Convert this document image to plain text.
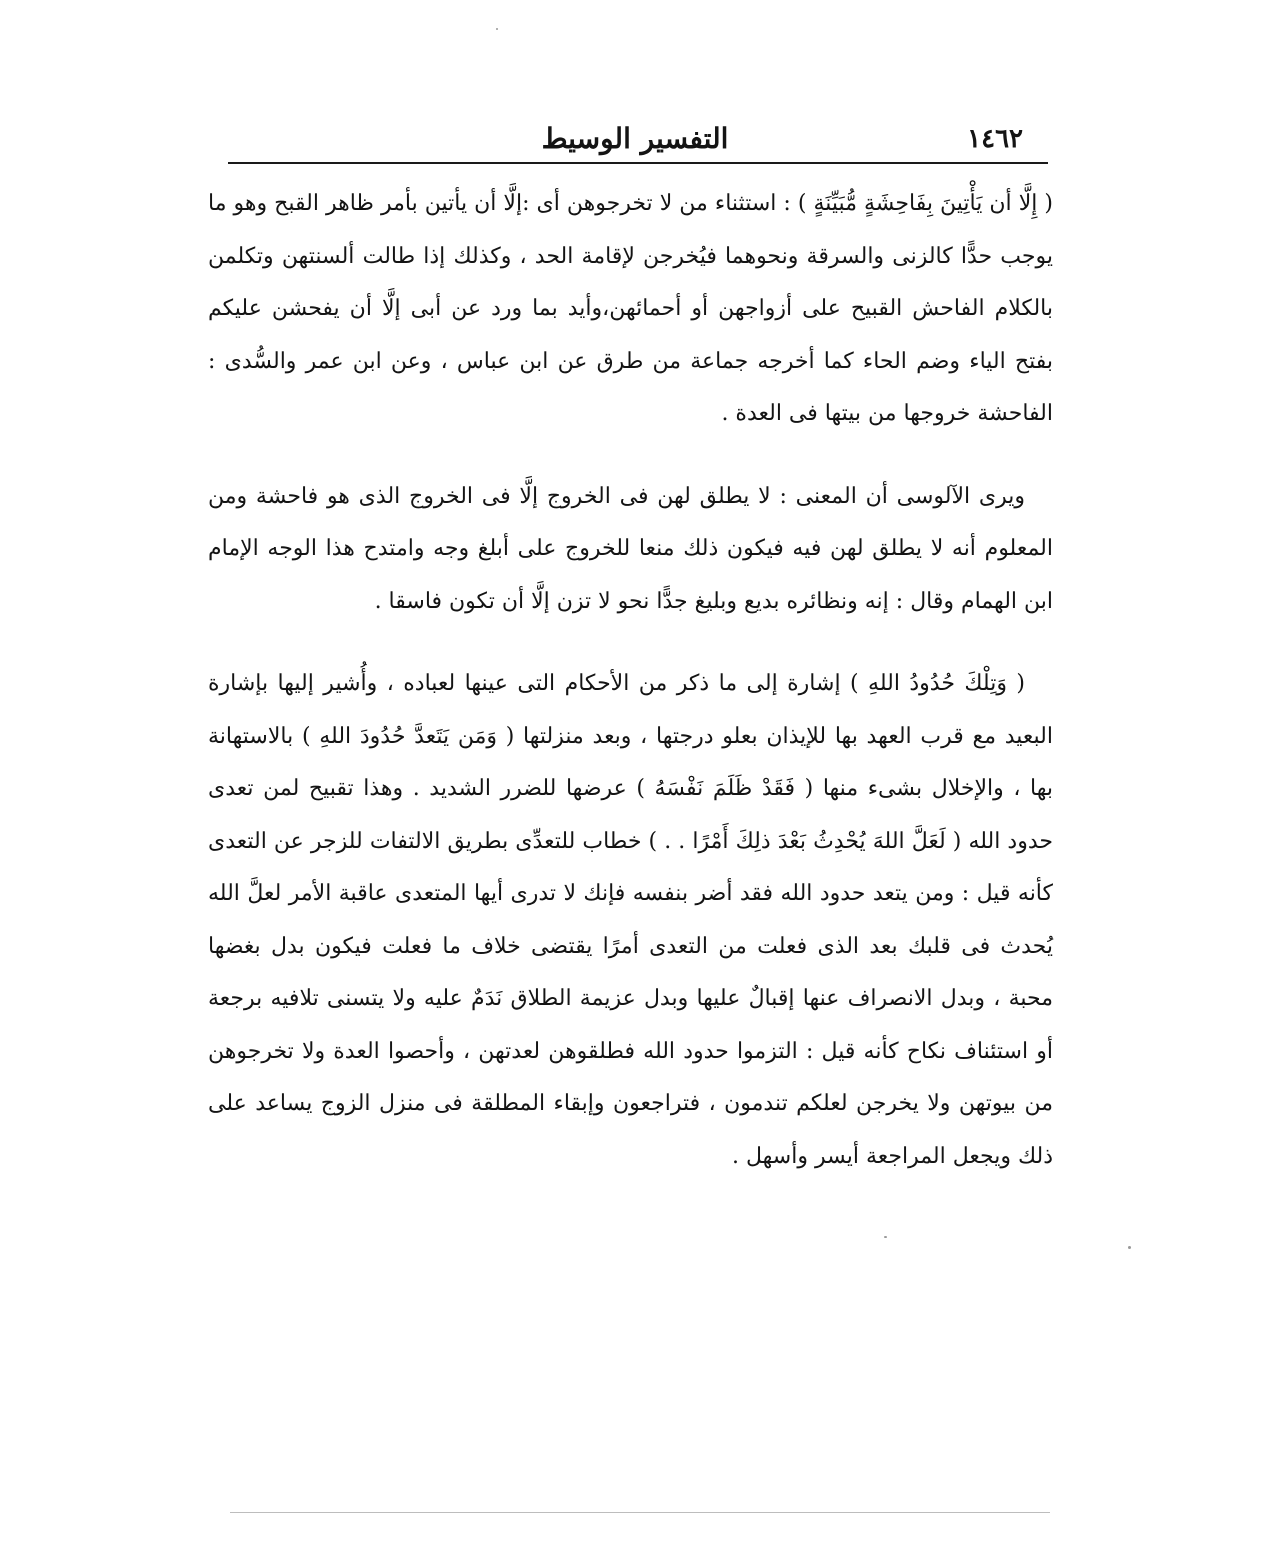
١٤٦٢
التفسير الوسيط

( إِلَّا أن يَأْتِينَ بِفَاحِشَةٍ مُّبَيِّنَةٍ ) : استثناء من لا تخرجوهن أى :إلَّا أن يأتين بأمر ظاهر القبح وهو ما يوجب حدًّا كالزنى والسرقة ونحوهما فيُخرجن لإقامة الحد ، وكذلك إذا طالت ألسنتهن وتكلمن بالكلام الفاحش القبيح على أزواجهن أو أحمائهن،وأيد بما ورد عن أبى إلَّا أن يفحشن عليكم بفتح الياء وضم الحاء كما أخرجه جماعة من طرق عن ابن عباس ، وعن ابن عمر والسُّدى : الفاحشة خروجها من بيتها فى العدة .

ويرى الآلوسى أن المعنى : لا يطلق لهن فى الخروج إلَّا فى الخروج الذى هو فاحشة ومن المعلوم أنه لا يطلق لهن فيه فيكون ذلك منعا للخروج على أبلغ وجه وامتدح هذا الوجه الإمام ابن الهمام وقال : إنه ونظائره بديع وبليغ جدًّا نحو لا تزن إلَّا أن تكون فاسقا .

( وَتِلْكَ حُدُودُ اللهِ ) إشارة إلى ما ذكر من الأحكام التى عينها لعباده ، وأُشير إليها بإشارة البعيد مع قرب العهد بها للإيذان بعلو درجتها ، وبعد منزلتها ( وَمَن يَتَعدَّ حُدُودَ اللهِ ) بالاستهانة بها ، والإخلال بشىء منها ( فَقَدْ ظَلَمَ نَفْسَهُ ) عرضها للضرر الشديد . وهذا تقبيح لمن تعدى حدود الله ( لَعَلَّ اللهَ يُحْدِثُ بَعْدَ ذلِكَ أَمْرًا . . ) خطاب للتعدِّى بطريق الالتفات للزجر عن التعدى كأنه قيل : ومن يتعد حدود الله فقد أضر بنفسه فإنك لا تدرى أيها المتعدى عاقبة الأمر لعلَّ الله يُحدث فى قلبك بعد الذى فعلت من التعدى أمرًا يقتضى خلاف ما فعلت فيكون بدل بغضها محبة ، وبدل الانصراف عنها إقبالٌ عليها وبدل عزيمة الطلاق نَدَمٌ عليه ولا يتسنى تلافيه برجعة أو استئناف نكاح كأنه قيل : التزموا حدود الله فطلقوهن لعدتهن ، وأحصوا العدة ولا تخرجوهن من بيوتهن ولا يخرجن لعلكم تندمون ، فتراجعون وإبقاء المطلقة فى منزل الزوج يساعد على ذلك ويجعل المراجعة أيسر وأسهل .
